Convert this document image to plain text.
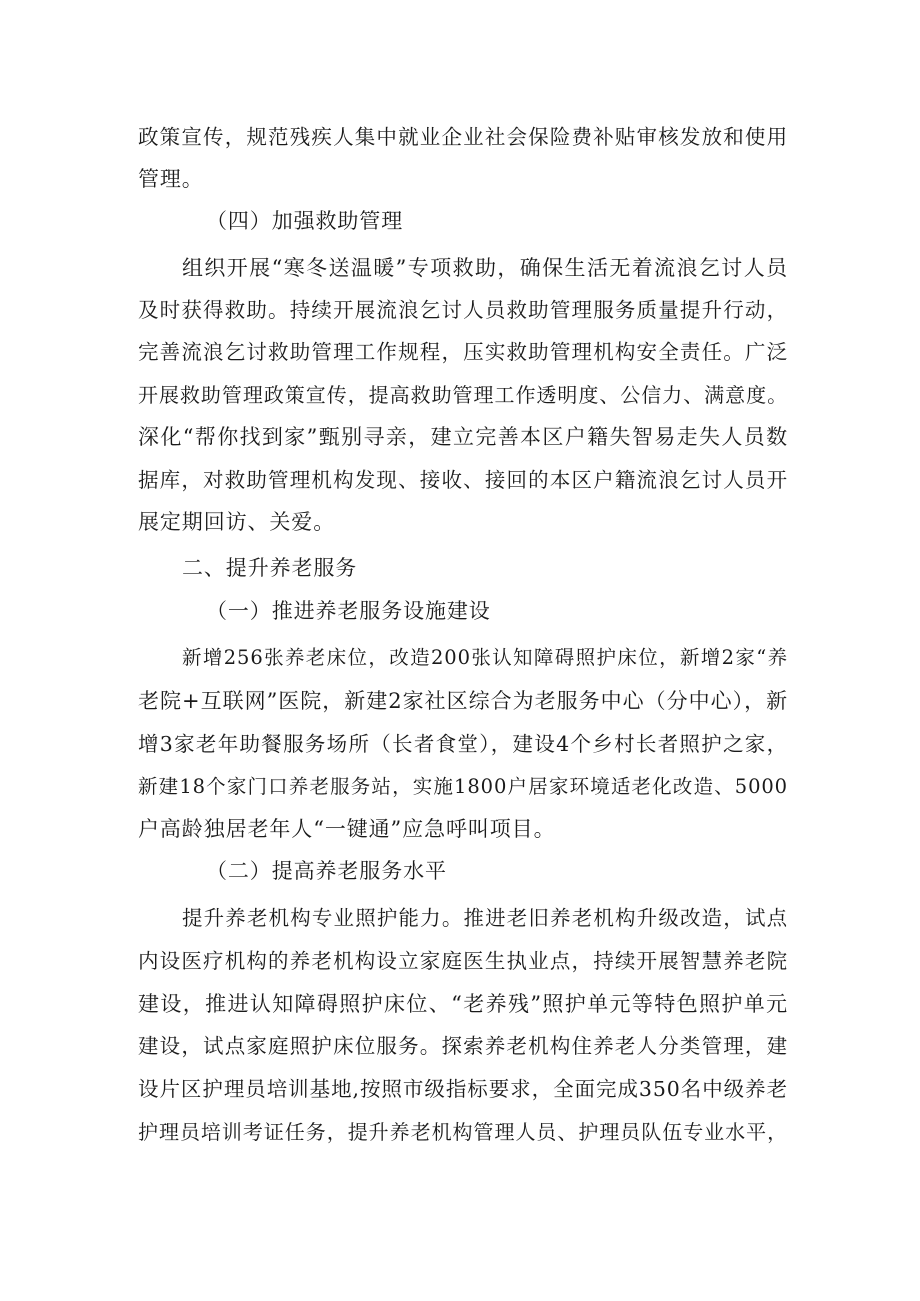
政策宣传，规范残疾人集中就业企业社会保险费补贴审核发放和使用
管理。
（四）加强救助管理
组织开展“寒冬送温暖”专项救助，确保生活无着流浪乞讨人员
及时获得救助。持续开展流浪乞讨人员救助管理服务质量提升行动，
完善流浪乞讨救助管理工作规程，压实救助管理机构安全责任。广泛
开展救助管理政策宣传，提高救助管理工作透明度、公信力、满意度。
深化“帮你找到家”甄别寻亲，建立完善本区户籍失智易走失人员数
据库，对救助管理机构发现、接收、接回的本区户籍流浪乞讨人员开
展定期回访、关爱。
二、提升养老服务
（一）推进养老服务设施建设
新增256张养老床位，改造200张认知障碍照护床位，新增2家“养
老院+互联网”医院，新建2家社区综合为老服务中心（分中心），新
增3家老年助餐服务场所（长者食堂），建设4个乡村长者照护之家，
新建18个家门口养老服务站，实施1800户居家环境适老化改造、5000
户高龄独居老年人“一键通”应急呼叫项目。
（二）提高养老服务水平
提升养老机构专业照护能力。推进老旧养老机构升级改造，试点
内设医疗机构的养老机构设立家庭医生执业点，持续开展智慧养老院
建设，推进认知障碍照护床位、“老养残”照护单元等特色照护单元
建设，试点家庭照护床位服务。探索养老机构住养老人分类管理，建
设片区护理员培训基地,按照市级指标要求，全面完成350名中级养老
护理员培训考证任务，提升养老机构管理人员、护理员队伍专业水平，
